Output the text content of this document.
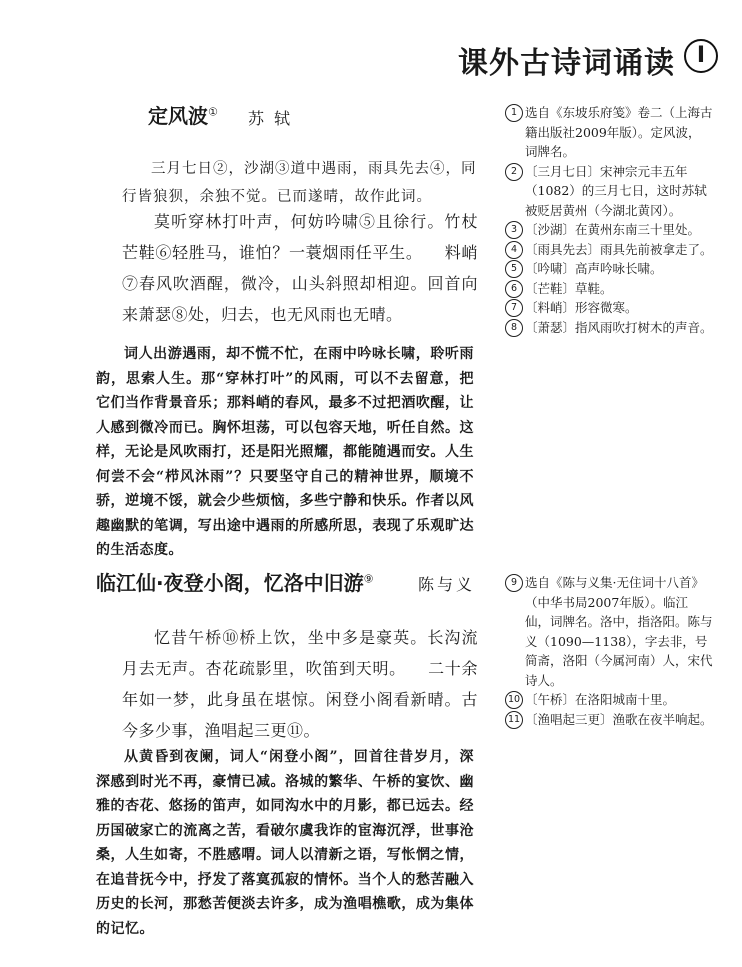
课外古诗词诵读 Ⅰ
定风波① 苏轼
三月七日②，沙湖③道中遇雨，雨具先去④，同行皆狼狈，余独不觉。已而遂晴，故作此词。
莫听穿林打叶声，何妨吟啸⑤且徐行。竹杖芒鞋⑥轻胜马，谁怕？一蓑烟雨任平生。 料峭⑦春风吹酒醒，微冷，山头斜照却相迎。回首向来萧瑟⑧处，归去，也无风雨也无晴。
词人出游遇雨，却不慌不忙，在雨中吟咏长啸，聆听雨韵，思索人生。那“穿林打叶”的风雨，可以不去留意，把它们当作背景音乐；那料峭的春风，最多不过把酒吹醒，让人感到微冷而已。胸怀坦荡，可以包容天地，听任自然。这样，无论是风吹雨打，还是阳光照耀，都能随遇而安。人生何尝不会“栉风沐雨”？只要坚守自己的精神世界，顺境不骄，逆境不馁，就会少些烦恼，多些宁静和快乐。作者以风趣幽默的笔调，写出途中遇雨的所感所思，表现了乐观旷达的生活态度。
1 选自《东坡乐府笺》卷二（上海古籍出版社2009年版）。定风波，词牌名。
2 〔三月七日〕宋神宗元丰五年（1082）的三月七日，这时苏轼被贬居黄州（今湖北黄冈）。
3 〔沙湖〕在黄州东南三十里处。
4 〔雨具先去〕雨具先前被拿走了。
5 〔吟啸〕高声吟咏长啸。
6 〔芒鞋〕草鞋。
7 〔料峭〕形容微寒。
8 〔萧瑟〕指风雨吹打树木的声音。
临江仙·夜登小阁，忆洛中旧游⑨	陈与义
忆昔午桥⑩桥上饮，坐中多是豪英。长沟流月去无声。杏花疏影里，吹笛到天明。 二十余年如一梦，此身虽在堪惊。闲登小阁看新晴。古今多少事，渔唱起三更⑪。
从黄昏到夜阑，词人“闲登小阁”，回首往昔岁月，深深感到时光不再，豪情已减。洛城的繁华、午桥的宴饮、幽雅的杏花、悠扬的笛声，如同沟水中的月影，都已远去。经历国破家亡的流离之苦，看破尔虞我诈的宦海沉浮，世事沧桑，人生如寄，不胜感喟。词人以清新之语，写怅惘之情，在追昔抚今中，抒发了落寞孤寂的情怀。当个人的愁苦融入历史的长河，那愁苦便淡去许多，成为渔唱樵歌，成为集体的记忆。
9 选自《陈与义集·无住词十八首》（中华书局2007年版）。临江仙，词牌名。洛中，指洛阳。陈与义（1090—1138），字去非，号简斋，洛阳（今属河南）人，宋代诗人。
10 〔午桥〕在洛阳城南十里。
11 〔渔唱起三更〕渔歌在夜半响起。
